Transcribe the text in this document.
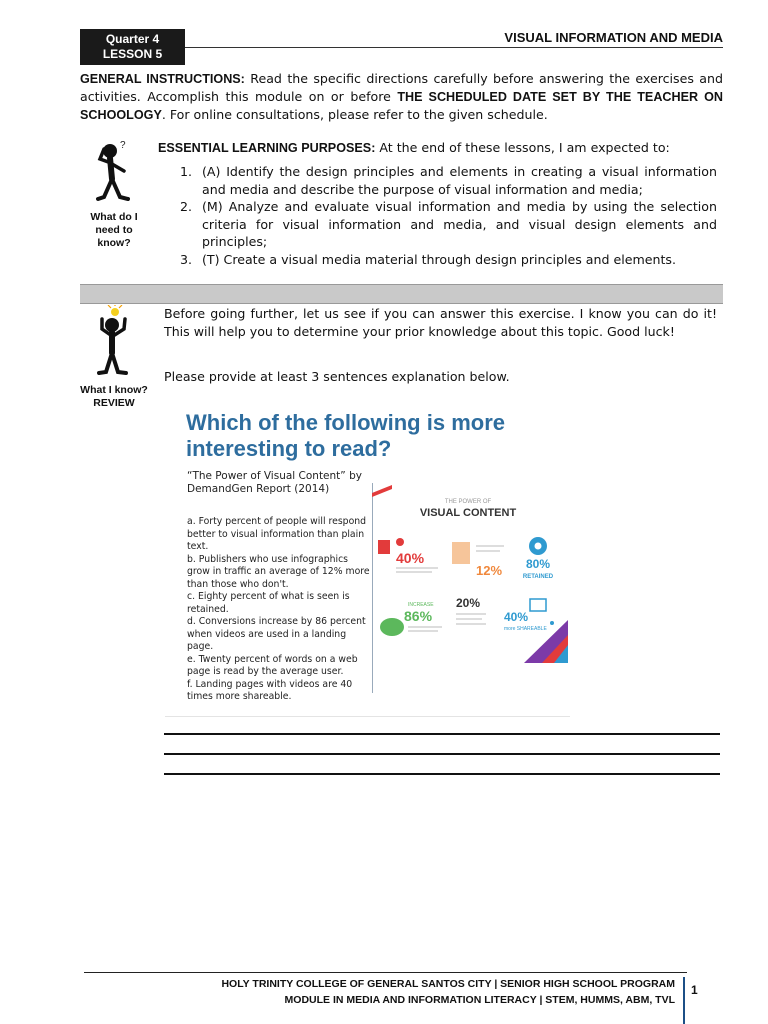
Quarter 4
LESSON 5
VISUAL INFORMATION AND MEDIA
GENERAL INSTRUCTIONS: Read the specific directions carefully before answering the exercises and activities. Accomplish this module on or before THE SCHEDULED DATE SET BY THE TEACHER ON SCHOOLOGY. For online consultations, please refer to the given schedule.
?
What do I
need to
know?
ESSENTIAL LEARNING PURPOSES: At the end of these lessons, I am expected to:
1. (A) Identify the design principles and elements in creating a visual information and media and describe the purpose of visual information and media;
2. (M) Analyze and evaluate visual information and media by using the selection criteria for visual information and media, and visual design elements and principles;
3. (T) Create a visual media material through design principles and elements.
What I know?
REVIEW
Before going further, let us see if you can answer this exercise. I know you can do it! This will help you to determine your prior knowledge about this topic. Good luck!
Please provide at least 3 sentences explanation below.
Which of the following is more interesting to read?
“The Power of Visual Content” by DemandGen Report (2014)
a. Forty percent of people will respond better to visual information than plain text.
b. Publishers who use infographics grow in traffic an average of 12% more than those who don't.
c. Eighty percent of what is seen is retained.
d. Conversions increase by 86 percent when videos are used in a landing page.
e. Twenty percent of words on a web page is read by the average user.
f. Landing pages with videos are 40 times more shareable.
THE POWER OF
VISUAL CONTENT
40%
12% 80%
RETAINED
INCREASE
86%
20%
40%
more SHAREABLE
HOLY TRINITY COLLEGE OF GENERAL SANTOS CITY | SENIOR HIGH SCHOOL PROGRAM
MODULE IN MEDIA AND INFORMATION LITERACY | STEM, HUMMS, ABM, TVL
1
